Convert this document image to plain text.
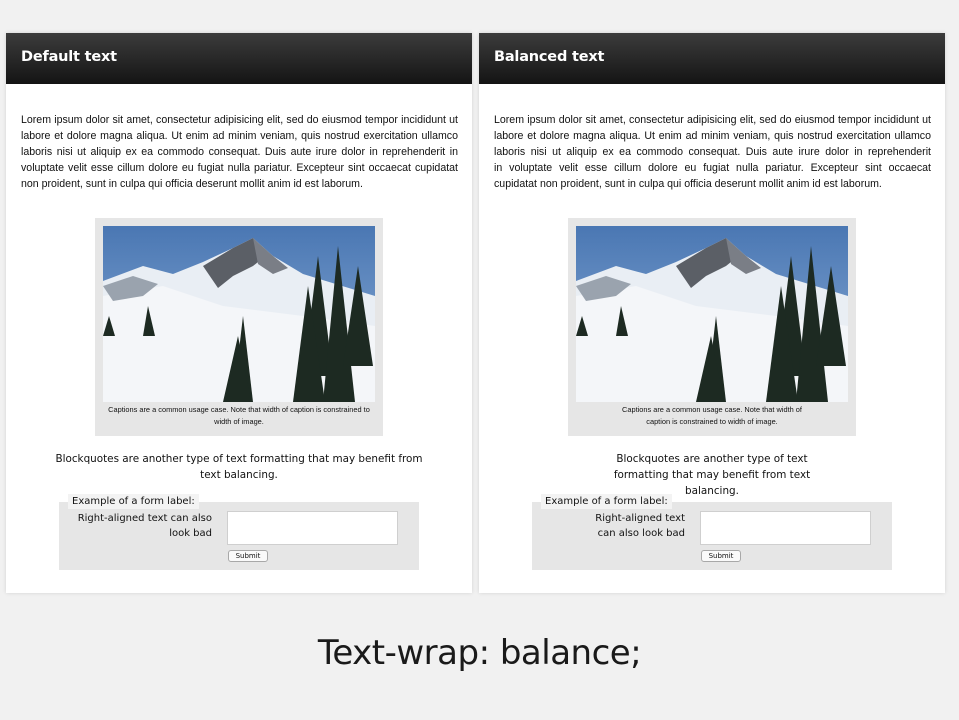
Default text

Lorem ipsum dolor sit amet, consectetur adipisicing elit, sed do eiusmod tempor incididunt ut labore et dolore magna aliqua. Ut enim ad minim veniam, quis nostrud exercitation ullamco laboris nisi ut aliquip ex ea commodo consequat. Duis aute irure dolor in reprehenderit in voluptate velit esse cillum dolore eu fugiat nulla pariatur. Excepteur sint occaecat cupidatat non proident, sunt in culpa qui officia deserunt mollit anim id est laborum.

Captions are a common usage case. Note that width of caption is constrained to width of image.
Blockquotes are another type of text formatting that may benefit from text balancing.
Example of a form label:
Right-aligned text can also look bad
Submit
Balanced text

Lorem ipsum dolor sit amet, consectetur adipisicing elit, sed do eiusmod tempor incididunt ut labore et dolore magna aliqua. Ut enim ad minim veniam, quis nostrud exercitation ullamco laboris nisi ut aliquip ex ea commodo consequat. Duis aute irure dolor in reprehenderit in voluptate velit esse cillum dolore eu fugiat nulla pariatur. Excepteur sint occaecat cupidatat non proident, sunt in culpa qui officia deserunt mollit anim id est laborum.

Captions are a common usage case. Note that width of caption is constrained to width of image.
Blockquotes are another type of text formatting that may benefit from text balancing.
Example of a form label:
Right-aligned text can also look bad
Submit
Text-wrap: balance;
